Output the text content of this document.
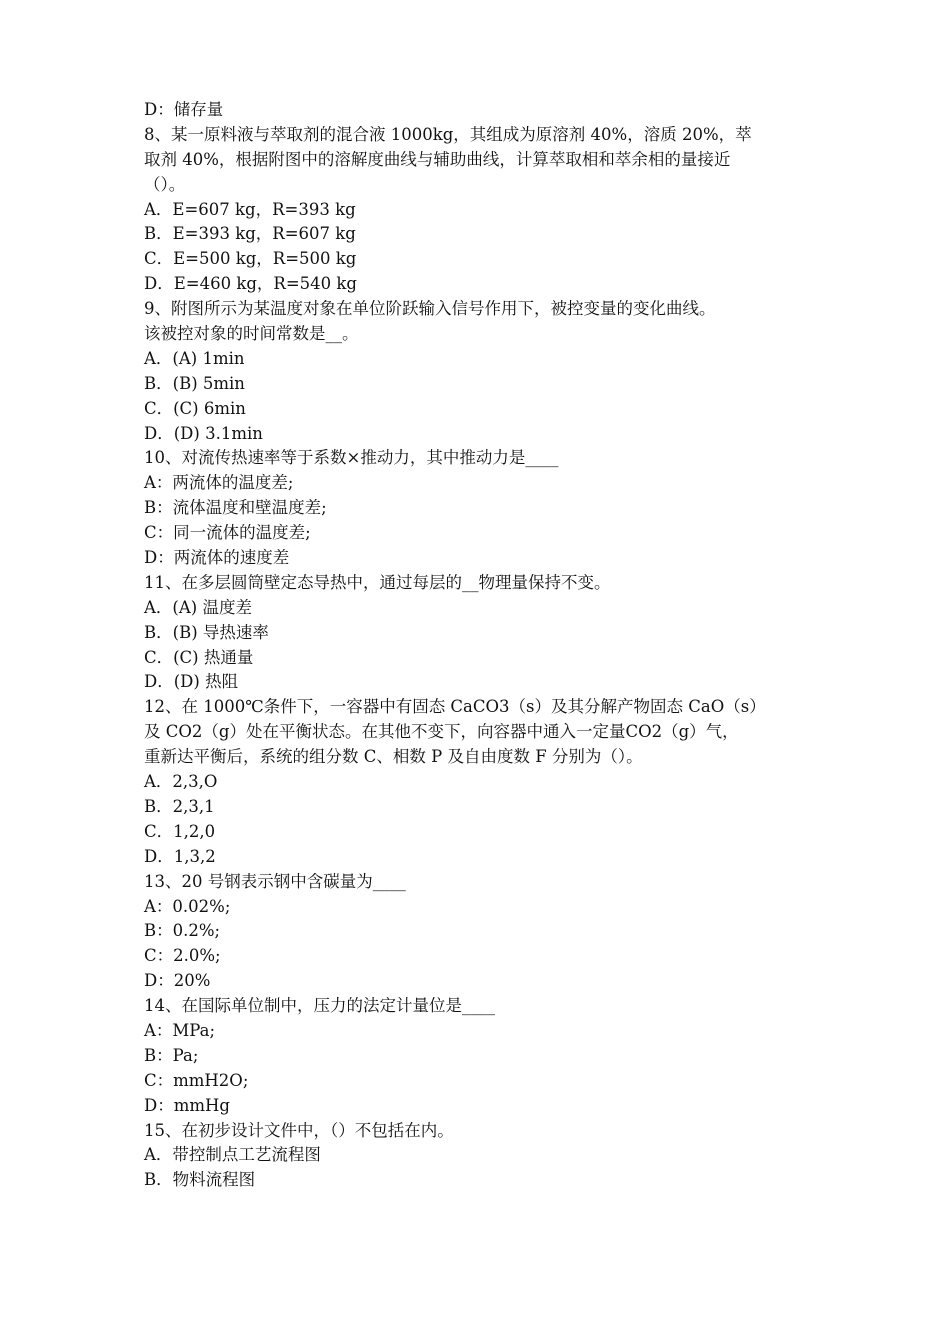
D：储存量
8、某一原料液与萃取剂的混合液 1000kg，其组成为原溶剂 40%，溶质 20%，萃
取剂 40%，根据附图中的溶解度曲线与辅助曲线，计算萃取相和萃余相的量接近
（）。
A．E=607 kg，R=393 kg
B．E=393 kg，R=607 kg
C．E=500 kg，R=500 kg
D．E=460 kg，R=540 kg
9、附图所示为某温度对象在单位阶跃输入信号作用下，被控变量的变化曲线。
该被控对象的时间常数是__。
A．(A) 1min
B．(B) 5min
C．(C) 6min
D．(D) 3.1min
10、对流传热速率等于系数×推动力，其中推动力是____
A：两流体的温度差;
B：流体温度和壁温度差;
C：同一流体的温度差;
D：两流体的速度差
11、在多层圆筒壁定态导热中，通过每层的__物理量保持不变。
A．(A) 温度差
B．(B) 导热速率
C．(C) 热通量
D．(D) 热阻
12、在 1000℃条件下，一容器中有固态 CaCO3（s）及其分解产物固态 CaO（s）
及 CO2（g）处在平衡状态。在其他不变下，向容器中通入一定量CO2（g）气，
重新达平衡后，系统的组分数 C、相数 P 及自由度数 F 分别为（）。
A．2,3,O
B．2,3,1
C．1,2,0
D．1,3,2
13、20 号钢表示钢中含碳量为____
A：0.02%;
B：0.2%;
C：2.0%;
D：20%
14、在国际单位制中，压力的法定计量位是____
A：MPa;
B：Pa;
C：mmH2O;
D：mmHg
15、在初步设计文件中，（）不包括在内。
A．带控制点工艺流程图
B．物料流程图
